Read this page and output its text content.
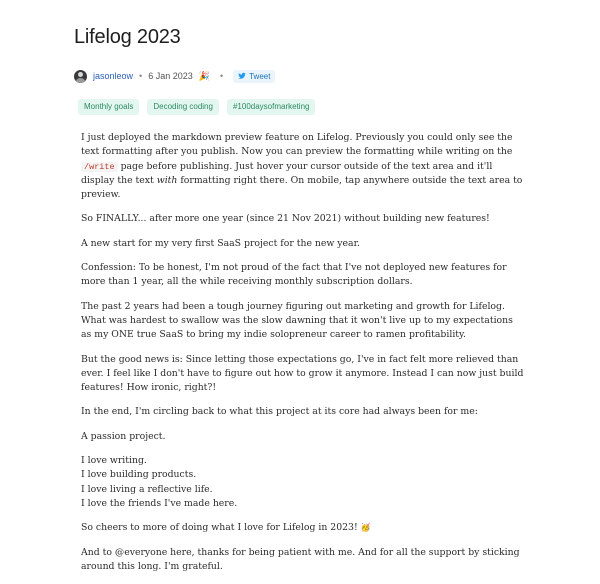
Lifelog 2023
jasonleow • 6 Jan 2023 🎉 •	Tweet
Monthly goals	Decoding coding	#100daysofmarketing

I just deployed the markdown preview feature on Lifelog. Previously you could only see the text formatting after you publish. Now you can preview the formatting while writing on the /write page before publishing. Just hover your cursor outside of the text area and it'll display the text with formatting right there. On mobile, tap anywhere outside the text area to preview.

So FINALLY... after more one year (since 21 Nov 2021) without building new features!

A new start for my very first SaaS project for the new year.

Confession: To be honest, I'm not proud of the fact that I've not deployed new features for more than 1 year, all the while receiving monthly subscription dollars.

The past 2 years had been a tough journey figuring out marketing and growth for Lifelog. What was hardest to swallow was the slow dawning that it won't live up to my expectations as my ONE true SaaS to bring my indie solopreneur career to ramen profitability.

But the good news is: Since letting those expectations go, I've in fact felt more relieved than ever. I feel like I don't have to figure out how to grow it anymore. Instead I can now just build features! How ironic, right?!

In the end, I'm circling back to what this project at its core had always been for me:

A passion project.

I love writing.
I love building products.
I love living a reflective life.
I love the friends I've made here.

So cheers to more of doing what I love for Lifelog in 2023! 🥳

And to @everyone here, thanks for being patient with me. And for all the support by sticking around this long. I'm grateful.
